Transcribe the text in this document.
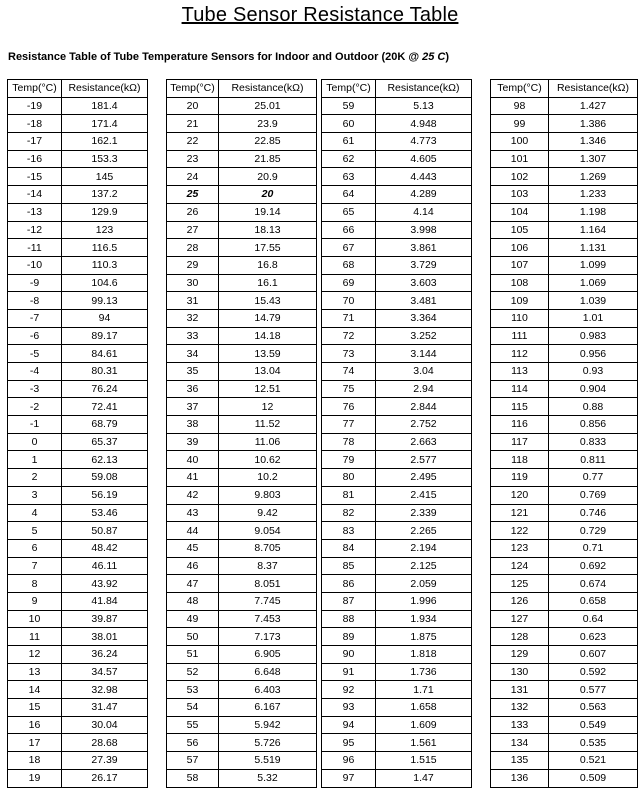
Tube Sensor Resistance Table
Resistance Table of Tube Temperature Sensors for Indoor and Outdoor (20K @ 25 C)
Temp(°C)	Resistance(kΩ)
-19	181.4
-18	171.4
-17	162.1
-16	153.3
-15	145
-14	137.2
-13	129.9
-12	123
-11	116.5
-10	110.3
-9	104.6
-8	99.13
-7	94
-6	89.17
-5	84.61
-4	80.31
-3	76.24
-2	72.41
-1	68.79
0	65.37
1	62.13
2	59.08
3	56.19
4	53.46
5	50.87
6	48.42
7	46.11
8	43.92
9	41.84
10	39.87
11	38.01
12	36.24
13	34.57
14	32.98
15	31.47
16	30.04
17	28.68
18	27.39
19	26.17
Temp(°C)	Resistance(kΩ)
20	25.01
21	23.9
22	22.85
23	21.85
24	20.9
25	20
26	19.14
27	18.13
28	17.55
29	16.8
30	16.1
31	15.43
32	14.79
33	14.18
34	13.59
35	13.04
36	12.51
37	12
38	11.52
39	11.06
40	10.62
41	10.2
42	9.803
43	9.42
44	9.054
45	8.705
46	8.37
47	8.051
48	7.745
49	7.453
50	7.173
51	6.905
52	6.648
53	6.403
54	6.167
55	5.942
56	5.726
57	5.519
58	5.32
Temp(°C)	Resistance(kΩ)
59	5.13
60	4.948
61	4.773
62	4.605
63	4.443
64	4.289
65	4.14
66	3.998
67	3.861
68	3.729
69	3.603
70	3.481
71	3.364
72	3.252
73	3.144
74	3.04
75	2.94
76	2.844
77	2.752
78	2.663
79	2.577
80	2.495
81	2.415
82	2.339
83	2.265
84	2.194
85	2.125
86	2.059
87	1.996
88	1.934
89	1.875
90	1.818
91	1.736
92	1.71
93	1.658
94	1.609
95	1.561
96	1.515
97	1.47
Temp(°C)	Resistance(kΩ)
98	1.427
99	1.386
100	1.346
101	1.307
102	1.269
103	1.233
104	1.198
105	1.164
106	1.131
107	1.099
108	1.069
109	1.039
110	1.01
111	0.983
112	0.956
113	0.93
114	0.904
115	0.88
116	0.856
117	0.833
118	0.811
119	0.77
120	0.769
121	0.746
122	0.729
123	0.71
124	0.692
125	0.674
126	0.658
127	0.64
128	0.623
129	0.607
130	0.592
131	0.577
132	0.563
133	0.549
134	0.535
135	0.521
136	0.509
